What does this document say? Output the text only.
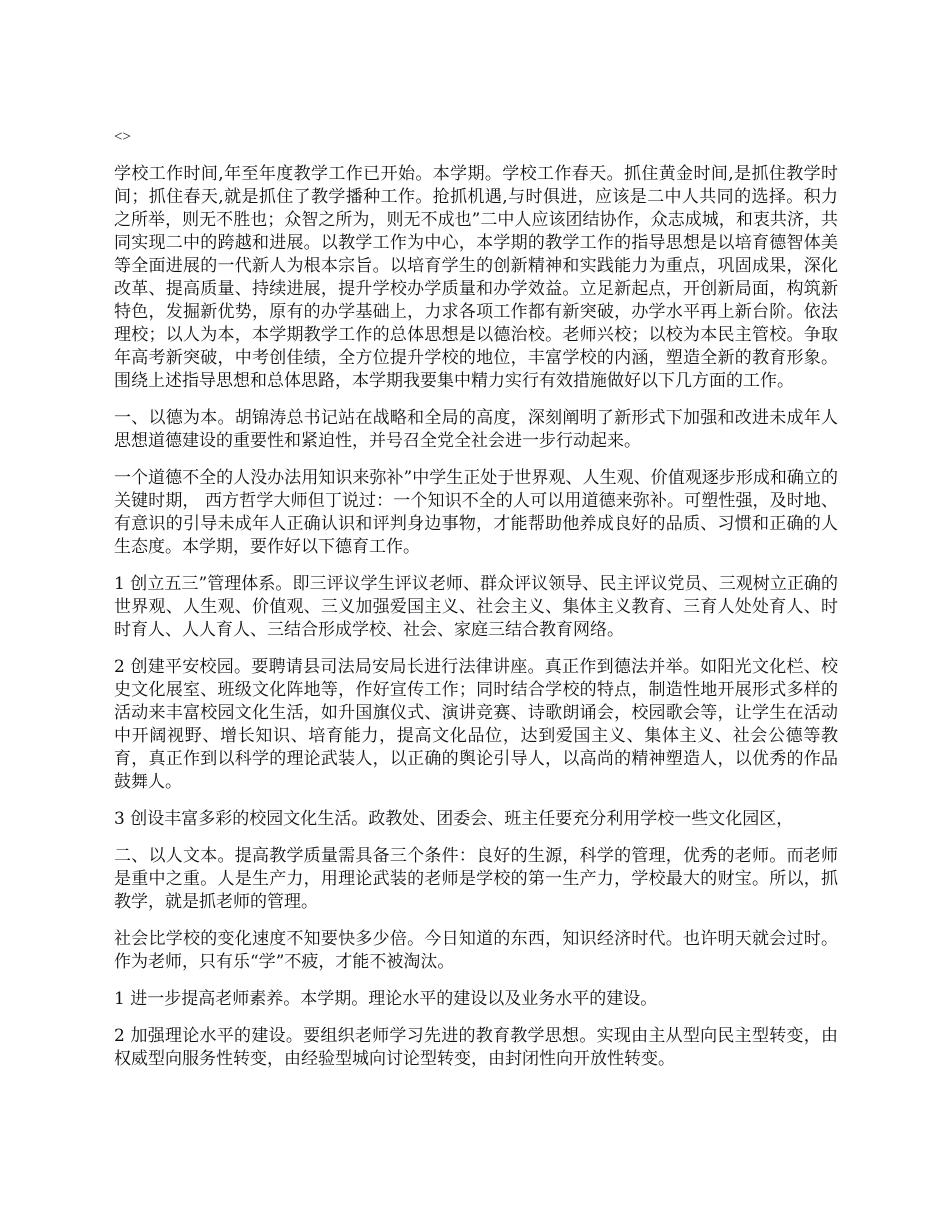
<>

学校工作时间,年至年度教学工作已开始。本学期。学校工作春天。抓住黄金时间,是抓住教学时间；抓住春天,就是抓住了教学播种工作。抢抓机遇,与时俱进，应该是二中人共同的选择。积力之所举，则无不胜也；众智之所为，则无不成也”二中人应该团结协作，众志成城，和衷共济，共同实现二中的跨越和进展。以教学工作为中心，本学期的教学工作的指导思想是以培育德智体美等全面进展的一代新人为根本宗旨。以培育学生的创新精神和实践能力为重点，巩固成果，深化改革、提高质量、持续进展，提升学校办学质量和办学效益。立足新起点，开创新局面，构筑新特色，发掘新优势，原有的办学基础上，力求各项工作都有新突破，办学水平再上新台阶。依法理校；以人为本，本学期教学工作的总体思想是以德治校。老师兴校；以校为本民主管校。争取年高考新突破，中考创佳绩，全方位提升学校的地位，丰富学校的内涵，塑造全新的教育形象。围绕上述指导思想和总体思路，本学期我要集中精力实行有效措施做好以下几方面的工作。

一、以德为本。胡锦涛总书记站在战略和全局的高度，深刻阐明了新形式下加强和改进未成年人思想道德建设的重要性和紧迫性，并号召全党全社会进一步行动起来。

一个道德不全的人没办法用知识来弥补”中学生正处于世界观、人生观、价值观逐步形成和确立的关键时期， 西方哲学大师但丁说过：一个知识不全的人可以用道德来弥补。可塑性强，及时地、有意识的引导未成年人正确认识和评判身边事物，才能帮助他养成良好的品质、习惯和正确的人生态度。本学期，要作好以下德育工作。

1 创立五三”管理体系。即三评议学生评议老师、群众评议领导、民主评议党员、三观树立正确的世界观、人生观、价值观、三义加强爱国主义、社会主义、集体主义教育、三育人处处育人、时时育人、人人育人、三结合形成学校、社会、家庭三结合教育网络。

2 创建平安校园。要聘请县司法局安局长进行法律讲座。真正作到德法并举。如阳光文化栏、校史文化展室、班级文化阵地等，作好宣传工作；同时结合学校的特点，制造性地开展形式多样的活动来丰富校园文化生活，如升国旗仪式、演讲竞赛、诗歌朗诵会，校园歌会等，让学生在活动中开阔视野、增长知识、培育能力，提高文化品位，达到爱国主义、集体主义、社会公德等教育，真正作到以科学的理论武装人，以正确的舆论引导人，以高尚的精神塑造人，以优秀的作品鼓舞人。

3 创设丰富多彩的校园文化生活。政教处、团委会、班主任要充分利用学校一些文化园区，

二、以人文本。提高教学质量需具备三个条件：良好的生源，科学的管理，优秀的老师。而老师是重中之重。人是生产力，用理论武装的老师是学校的第一生产力，学校最大的财宝。所以，抓教学，就是抓老师的管理。

社会比学校的变化速度不知要快多少倍。今日知道的东西，知识经济时代。也许明天就会过时。作为老师，只有乐“学”不疲，才能不被淘汰。

1 进一步提高老师素养。本学期。理论水平的建设以及业务水平的建设。

2 加强理论水平的建设。要组织老师学习先进的教育教学思想。实现由主从型向民主型转变，由权威型向服务性转变，由经验型城向讨论型转变，由封闭性向开放性转变。
